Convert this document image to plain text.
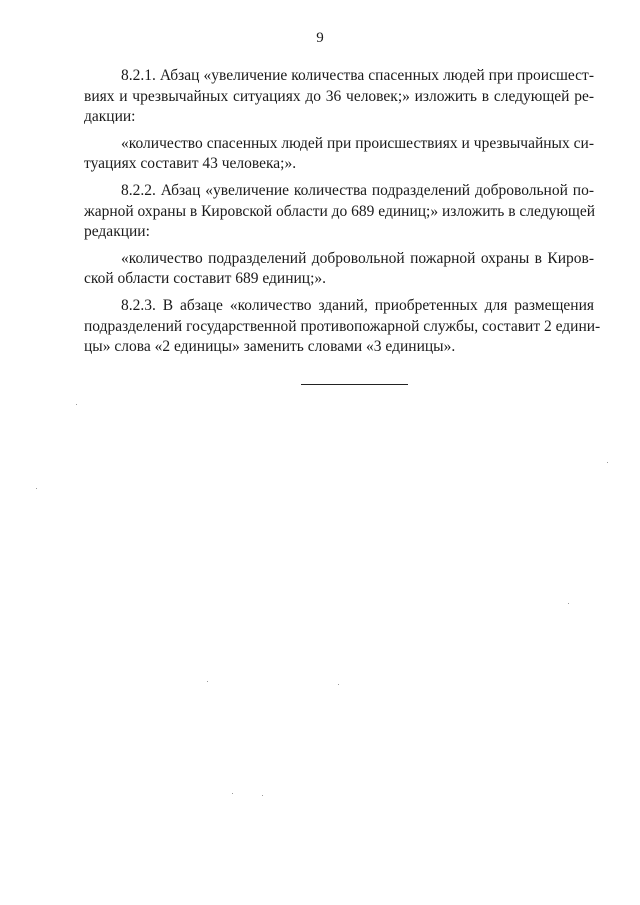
9
8.2.1. Абзац «увеличение количества спасенных людей при происшест-
виях и чрезвычайных ситуациях до 36 человек;» изложить в следующей ре-
дакции:
«количество спасенных людей при происшествиях и чрезвычайных си-
туациях составит 43 человека;».
8.2.2. Абзац «увеличение количества подразделений добровольной по-
жарной охраны в Кировской области до 689 единиц;» изложить в следующей
редакции:
«количество подразделений добровольной пожарной охраны в Киров-
ской области составит 689 единиц;».
8.2.3. В абзаце «количество зданий, приобретенных для размещения
подразделений государственной противопожарной службы, составит 2 едини-
цы» слова «2 единицы» заменить словами «3 единицы».
